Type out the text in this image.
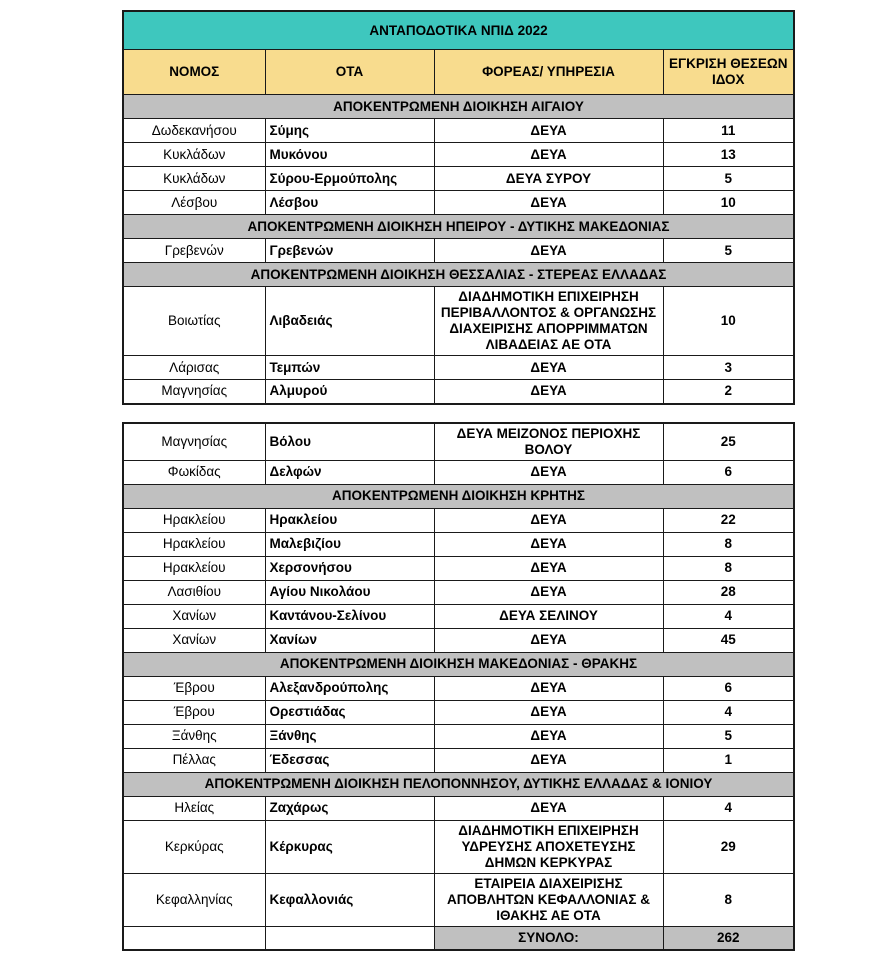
ΑΝΤΑΠΟΔΟΤΙΚΑ ΝΠΙΔ 2022			
ΝΟΜΟΣ	ΟΤΑ	ΦΟΡΕΑΣ/ ΥΠΗΡΕΣΙΑ	ΕΓΚΡΙΣΗ ΘΕΣΕΩΝ ΙΔΟΧ
ΑΠΟΚΕΝΤΡΩΜΕΝΗ ΔΙΟΙΚΗΣΗ ΑΙΓΑΙΟΥ			
Δωδεκανήσου	Σύμης	ΔΕΥΑ	11
Κυκλάδων	Μυκόνου	ΔΕΥΑ	13
Κυκλάδων	Σύρου-Ερμούπολης	ΔΕΥΑ ΣΥΡΟΥ	5
Λέσβου	Λέσβου	ΔΕΥΑ	10
ΑΠΟΚΕΝΤΡΩΜΕΝΗ ΔΙΟΙΚΗΣΗ ΗΠΕΙΡΟΥ - ΔΥΤΙΚΗΣ ΜΑΚΕΔΟΝΙΑΣ			
Γρεβενών	Γρεβενών	ΔΕΥΑ	5
ΑΠΟΚΕΝΤΡΩΜΕΝΗ ΔΙΟΙΚΗΣΗ ΘΕΣΣΑΛΙΑΣ - ΣΤΕΡΕΑΣ ΕΛΛΑΔΑΣ			
Βοιωτίας	Λιβαδειάς	ΔΙΑΔΗΜΟΤΙΚΗ ΕΠΙΧΕΙΡΗΣΗ ΠΕΡΙΒΑΛΛΟΝΤΟΣ & ΟΡΓΑΝΩΣΗΣ ΔΙΑΧΕΙΡΙΣΗΣ ΑΠΟΡΡΙΜΜΑΤΩΝ ΛΙΒΑΔΕΙΑΣ ΑΕ ΟΤΑ	10
Λάρισας	Τεμπών	ΔΕΥΑ	3
Μαγνησίας	Αλμυρού	ΔΕΥΑ	2
Μαγνησίας	Βόλου	ΔΕΥΑ ΜΕΙΖΟΝΟΣ ΠΕΡΙΟΧΗΣ ΒΟΛΟΥ	25
Φωκίδας	Δελφών	ΔΕΥΑ	6
ΑΠΟΚΕΝΤΡΩΜΕΝΗ ΔΙΟΙΚΗΣΗ ΚΡΗΤΗΣ			
Ηρακλείου	Ηρακλείου	ΔΕΥΑ	22
Ηρακλείου	Μαλεβιζίου	ΔΕΥΑ	8
Ηρακλείου	Χερσονήσου	ΔΕΥΑ	8
Λασιθίου	Αγίου Νικολάου	ΔΕΥΑ	28
Χανίων	Καντάνου-Σελίνου	ΔΕΥΑ ΣΕΛΙΝΟΥ	4
Χανίων	Χανίων	ΔΕΥΑ	45
ΑΠΟΚΕΝΤΡΩΜΕΝΗ ΔΙΟΙΚΗΣΗ ΜΑΚΕΔΟΝΙΑΣ - ΘΡΑΚΗΣ			
Έβρου	Αλεξανδρούπολης	ΔΕΥΑ	6
Έβρου	Ορεστιάδας	ΔΕΥΑ	4
Ξάνθης	Ξάνθης	ΔΕΥΑ	5
Πέλλας	Έδεσσας	ΔΕΥΑ	1
ΑΠΟΚΕΝΤΡΩΜΕΝΗ ΔΙΟΙΚΗΣΗ ΠΕΛΟΠΟΝΝΗΣΟΥ, ΔΥΤΙΚΗΣ ΕΛΛΑΔΑΣ & ΙΟΝΙΟΥ			
Ηλείας	Ζαχάρως	ΔΕΥΑ	4
Κερκύρας	Κέρκυρας	ΔΙΑΔΗΜΟΤΙΚΗ ΕΠΙΧΕΙΡΗΣΗ ΥΔΡΕΥΣΗΣ ΑΠΟΧΕΤΕΥΣΗΣ ΔΗΜΩΝ ΚΕΡΚΥΡΑΣ	29
Κεφαλληνίας	Κεφαλλονιάς	ΕΤΑΙΡΕΙΑ ΔΙΑΧΕΙΡΙΣΗΣ ΑΠΟΒΛΗΤΩΝ ΚΕΦΑΛΛΟΝΙΑΣ & ΙΘΑΚΗΣ ΑΕ ΟΤΑ	8
		ΣΥΝΟΛΟ:	262
